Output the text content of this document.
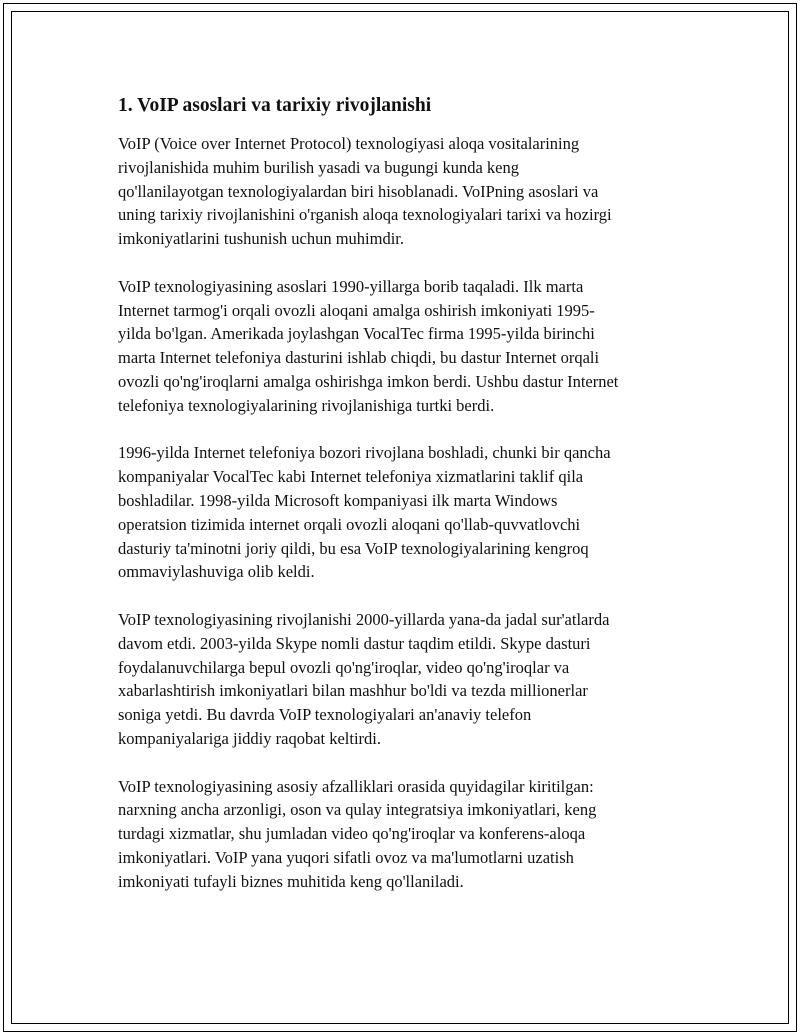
1. VoIP asoslari va tarixiy rivojlanishi
VoIP (Voice over Internet Protocol) texnologiyasi aloqa vositalarining
rivojlanishida muhim burilish yasadi va bugungi kunda keng
qo'llanilayotgan texnologiyalardan biri hisoblanadi. VoIPning asoslari va
uning tarixiy rivojlanishini o'rganish aloqa texnologiyalari tarixi va hozirgi
imkoniyatlarini tushunish uchun muhimdir.
VoIP texnologiyasining asoslari 1990-yillarga borib taqaladi. Ilk marta
Internet tarmog'i orqali ovozli aloqani amalga oshirish imkoniyati 1995-
yilda bo'lgan. Amerikada joylashgan VocalTec firma 1995-yilda birinchi
marta Internet telefoniya dasturini ishlab chiqdi, bu dastur Internet orqali
ovozli qo'ng'iroqlarni amalga oshirishga imkon berdi. Ushbu dastur Internet
telefoniya texnologiyalarining rivojlanishiga turtki berdi.
1996-yilda Internet telefoniya bozori rivojlana boshladi, chunki bir qancha
kompaniyalar VocalTec kabi Internet telefoniya xizmatlarini taklif qila
boshladilar. 1998-yilda Microsoft kompaniyasi ilk marta Windows
operatsion tizimida internet orqali ovozli aloqani qo'llab-quvvatlovchi
dasturiy ta'minotni joriy qildi, bu esa VoIP texnologiyalarining kengroq
ommaviylashuviga olib keldi.
VoIP texnologiyasining rivojlanishi 2000-yillarda yana-da jadal sur'atlarda
davom etdi. 2003-yilda Skype nomli dastur taqdim etildi. Skype dasturi
foydalanuvchilarga bepul ovozli qo'ng'iroqlar, video qo'ng'iroqlar va
xabarlashtirish imkoniyatlari bilan mashhur bo'ldi va tezda millionerlar
soniga yetdi. Bu davrda VoIP texnologiyalari an'anaviy telefon
kompaniyalariga jiddiy raqobat keltirdi.
VoIP texnologiyasining asosiy afzalliklari orasida quyidagilar kiritilgan:
narxning ancha arzonligi, oson va qulay integratsiya imkoniyatlari, keng
turdagi xizmatlar, shu jumladan video qo'ng'iroqlar va konferens-aloqa
imkoniyatlari. VoIP yana yuqori sifatli ovoz va ma'lumotlarni uzatish
imkoniyati tufayli biznes muhitida keng qo'llaniladi.
